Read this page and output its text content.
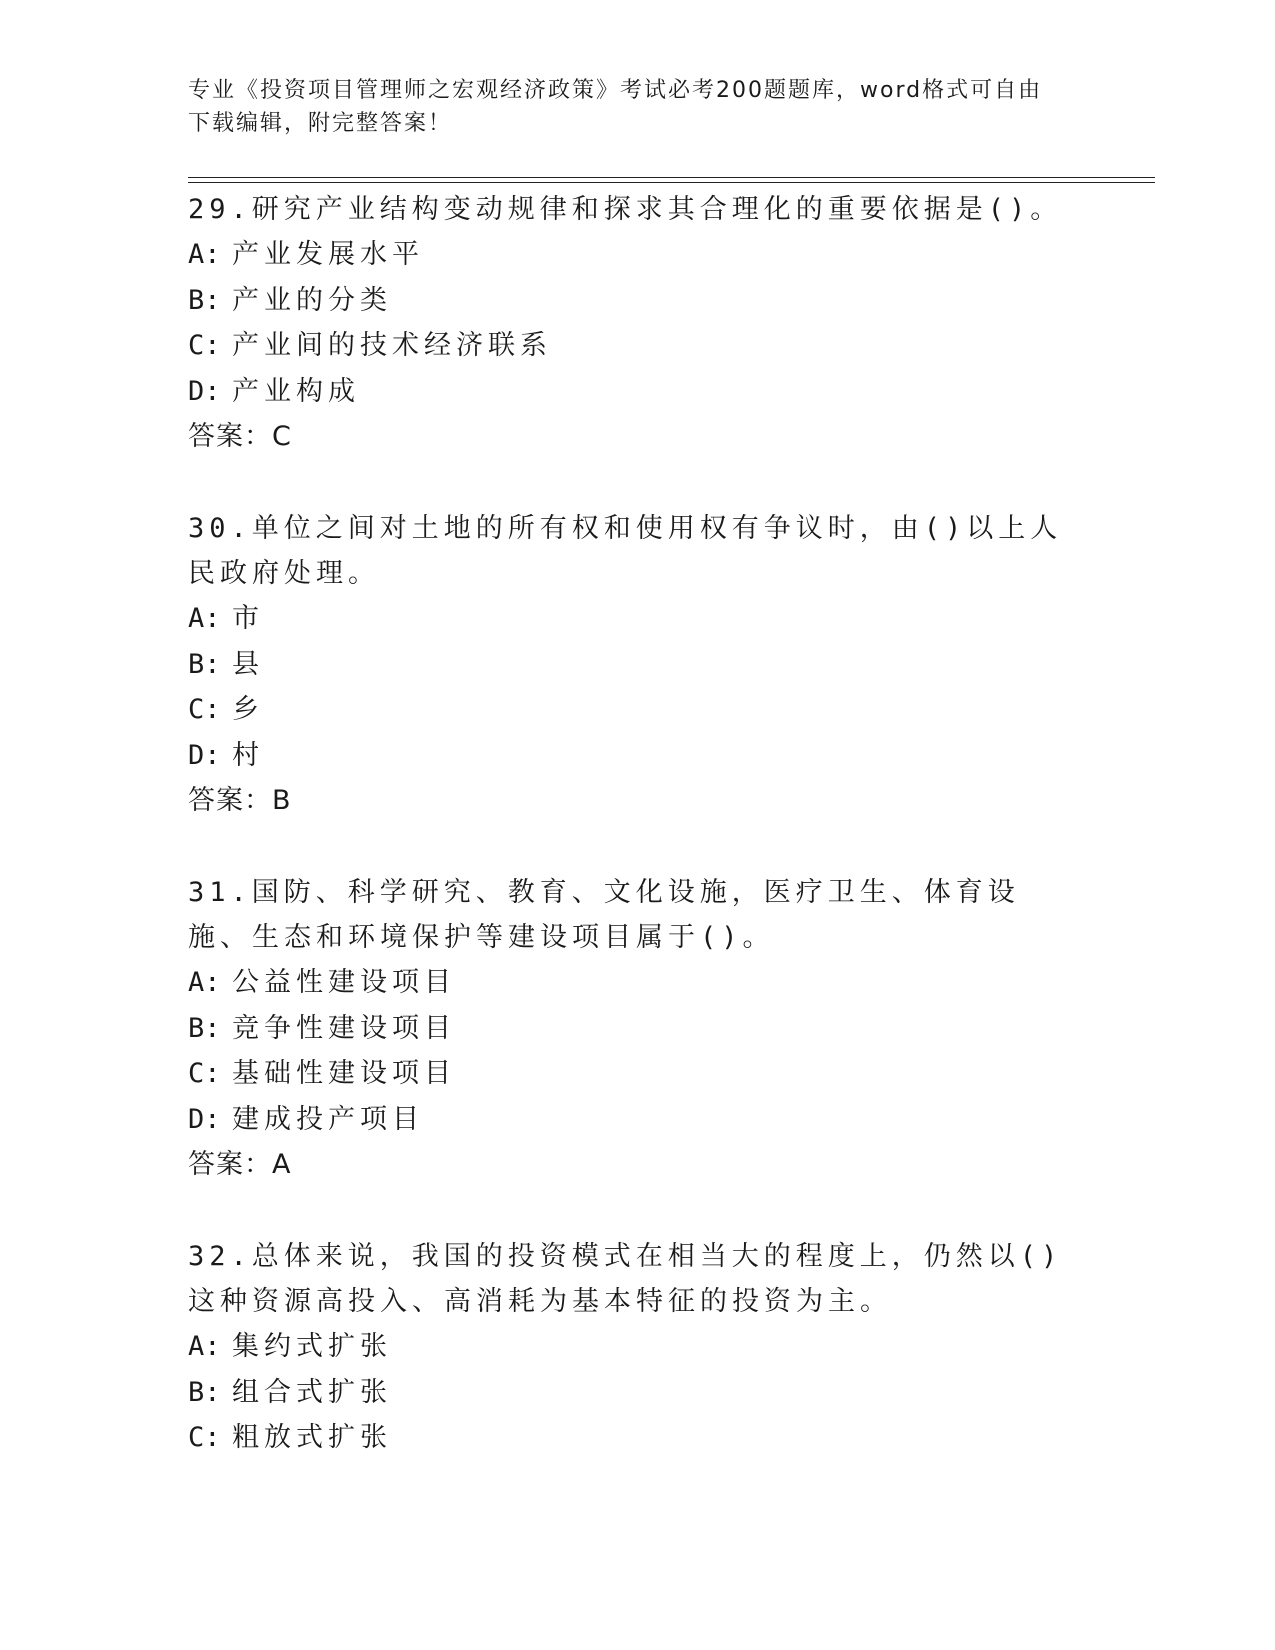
专业《投资项目管理师之宏观经济政策》考试必考200题题库，word格式可自由
下载编辑，附完整答案！

29.研究产业结构变动规律和探求其合理化的重要依据是()。

A: 产业发展水平

B: 产业的分类

C: 产业间的技术经济联系

D: 产业构成

答案：C

30.单位之间对土地的所有权和使用权有争议时，由()以上人民政府处理。

A: 市

B: 县

C: 乡

D: 村

答案：B

31.国防、科学研究、教育、文化设施，医疗卫生、体育设施、生态和环境保护等建设项目属于()。

A: 公益性建设项目

B: 竞争性建设项目

C: 基础性建设项目

D: 建成投产项目

答案：A

32.总体来说，我国的投资模式在相当大的程度上，仍然以()这种资源高投入、高消耗为基本特征的投资为主。

A: 集约式扩张

B: 组合式扩张

C: 粗放式扩张
